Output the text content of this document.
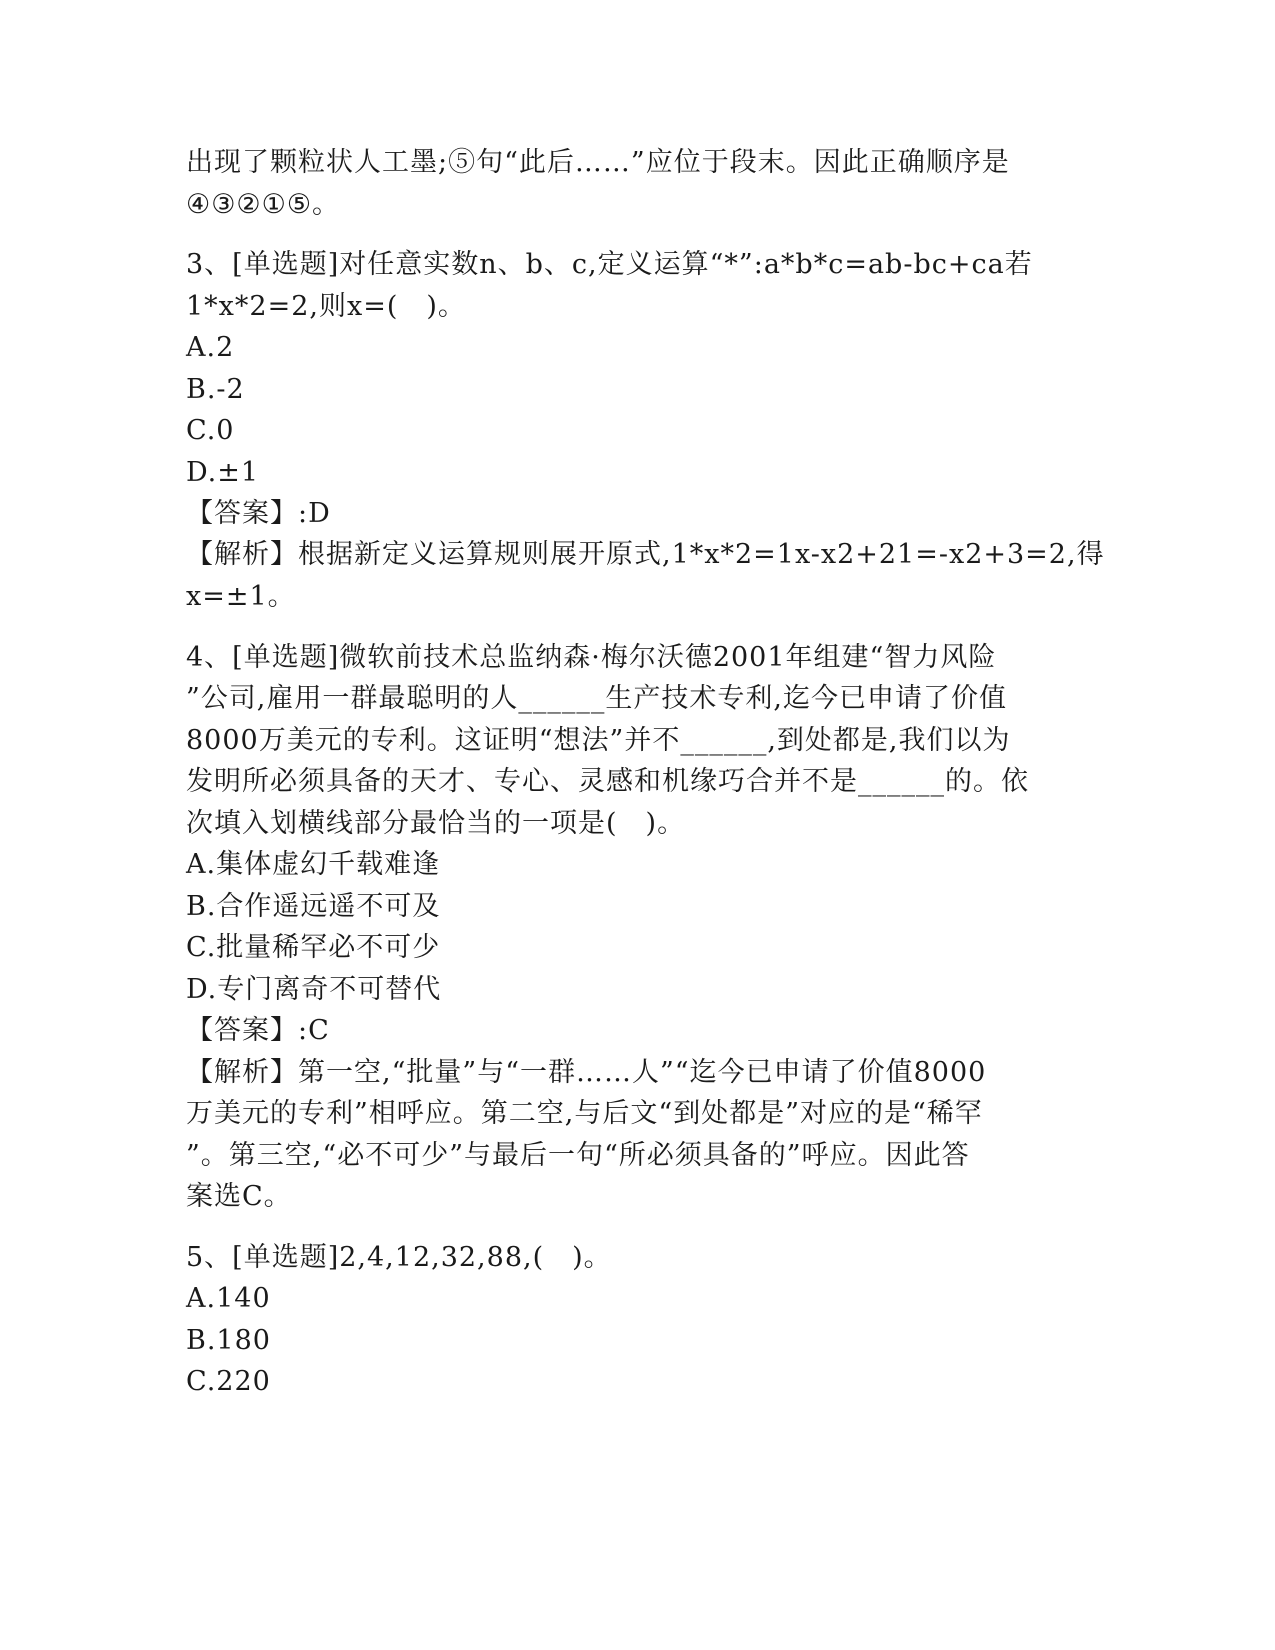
出现了颗粒状人工墨;⑤句“此后……”应位于段末。因此正确顺序是
④③②①⑤。
3、[单选题]对任意实数n、b、c,定义运算“*”:a*b*c=ab-bc+ca若
1*x*2=2,则x=(　)。
A.2
B.-2
C.0
D.±1
【答案】:D
【解析】根据新定义运算规则展开原式,1*x*2=1x-x2+21=-x2+3=2,得
x=±1。
4、[单选题]微软前技术总监纳森·梅尔沃德2001年组建“智力风险
”公司,雇用一群最聪明的人______生产技术专利,迄今已申请了价值
8000万美元的专利。这证明“想法”并不______,到处都是,我们以为
发明所必须具备的天才、专心、灵感和机缘巧合并不是______的。依
次填入划横线部分最恰当的一项是(　)。
A.集体虚幻千载难逢
B.合作遥远遥不可及
C.批量稀罕必不可少
D.专门离奇不可替代
【答案】:C
【解析】第一空,“批量”与“一群……人”“迄今已申请了价值8000
万美元的专利”相呼应。第二空,与后文“到处都是”对应的是“稀罕
”。第三空,“必不可少”与最后一句“所必须具备的”呼应。因此答
案选C。
5、[单选题]2,4,12,32,88,(　)。
A.140
B.180
C.220
